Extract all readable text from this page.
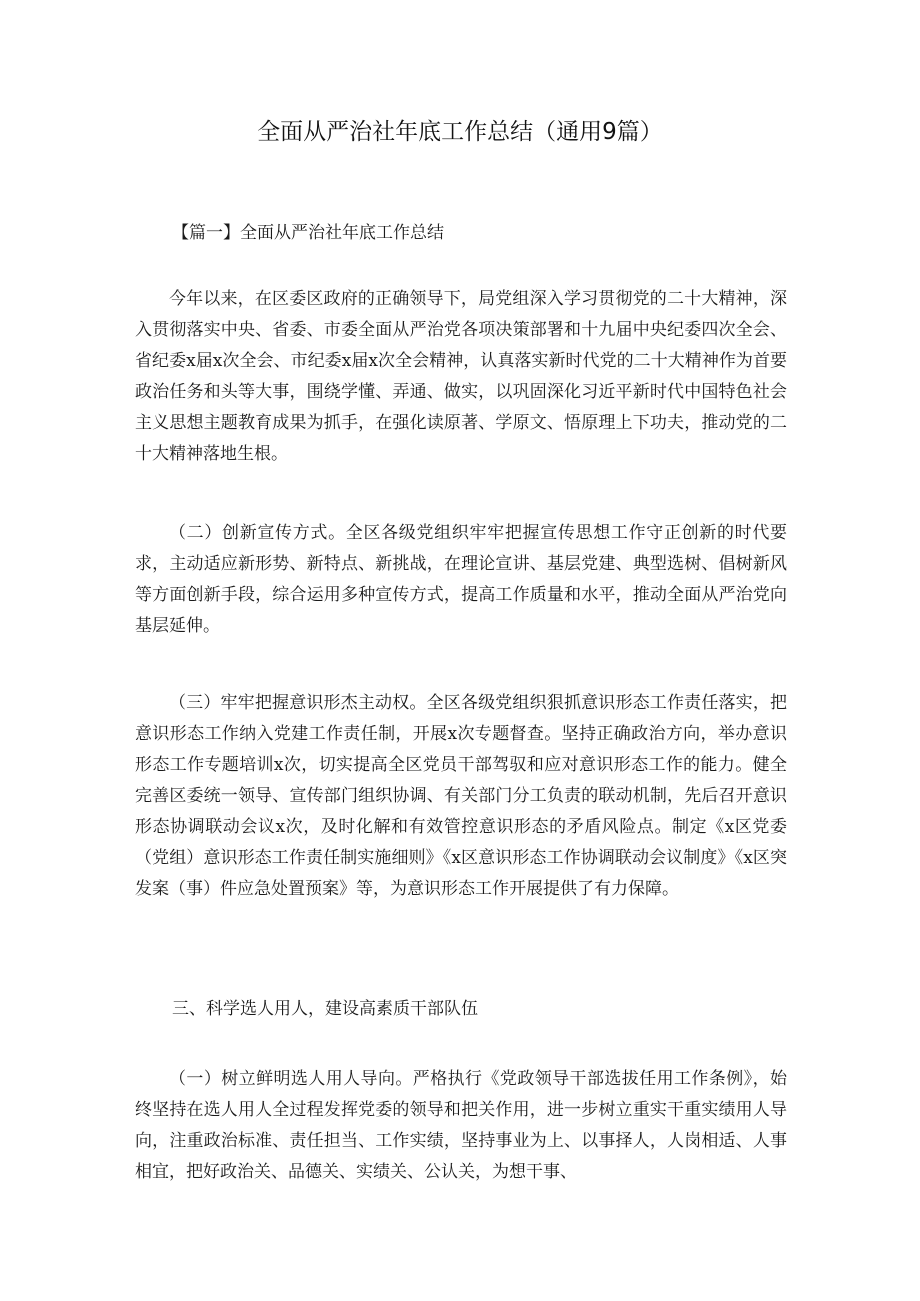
全面从严治社年底工作总结（通用9篇）

【篇一】全面从严治社年底工作总结

今年以来，在区委区政府的正确领导下，局党组深入学习贯彻党的二十大精神，深入贯彻落实中央、省委、市委全面从严治党各项决策部署和十九届中央纪委四次全会、省纪委x届x次全会、市纪委x届x次全会精神，认真落实新时代党的二十大精神作为首要政治任务和头等大事，围绕学懂、弄通、做实，以巩固深化习近平新时代中国特色社会主义思想主题教育成果为抓手，在强化读原著、学原文、悟原理上下功夫，推动党的二十大精神落地生根。

（二）创新宣传方式。全区各级党组织牢牢把握宣传思想工作守正创新的时代要求，主动适应新形势、新特点、新挑战，在理论宣讲、基层党建、典型选树、倡树新风等方面创新手段，综合运用多种宣传方式，提高工作质量和水平，推动全面从严治党向基层延伸。

（三）牢牢把握意识形杰主动权。全区各级党组织狠抓意识形态工作责任落实，把意识形态工作纳入党建工作责任制，开展x次专题督查。坚持正确政治方向，举办意识形态工作专题培训x次，切实提高全区党员干部驾驭和应对意识形态工作的能力。健全完善区委统一领导、宣传部门组织协调、有关部门分工负责的联动机制，先后召开意识形态协调联动会议x次，及时化解和有效管控意识形态的矛盾风险点。制定《x区党委（党组）意识形态工作责任制实施细则》《x区意识形态工作协调联动会议制度》《x区突发案（事）件应急处置预案》等，为意识形态工作开展提供了有力保障。

三、科学选人用人，建设高素质干部队伍

（一）树立鲜明选人用人导向。严格执行《党政领导干部选拔任用工作条例》，始终坚持在选人用人全过程发挥党委的领导和把关作用，进一步树立重实干重实绩用人导向，注重政治标准、责任担当、工作实绩，坚持事业为上、以事择人，人岗相适、人事相宜，把好政治关、品德关、实绩关、公认关，为想干事、
